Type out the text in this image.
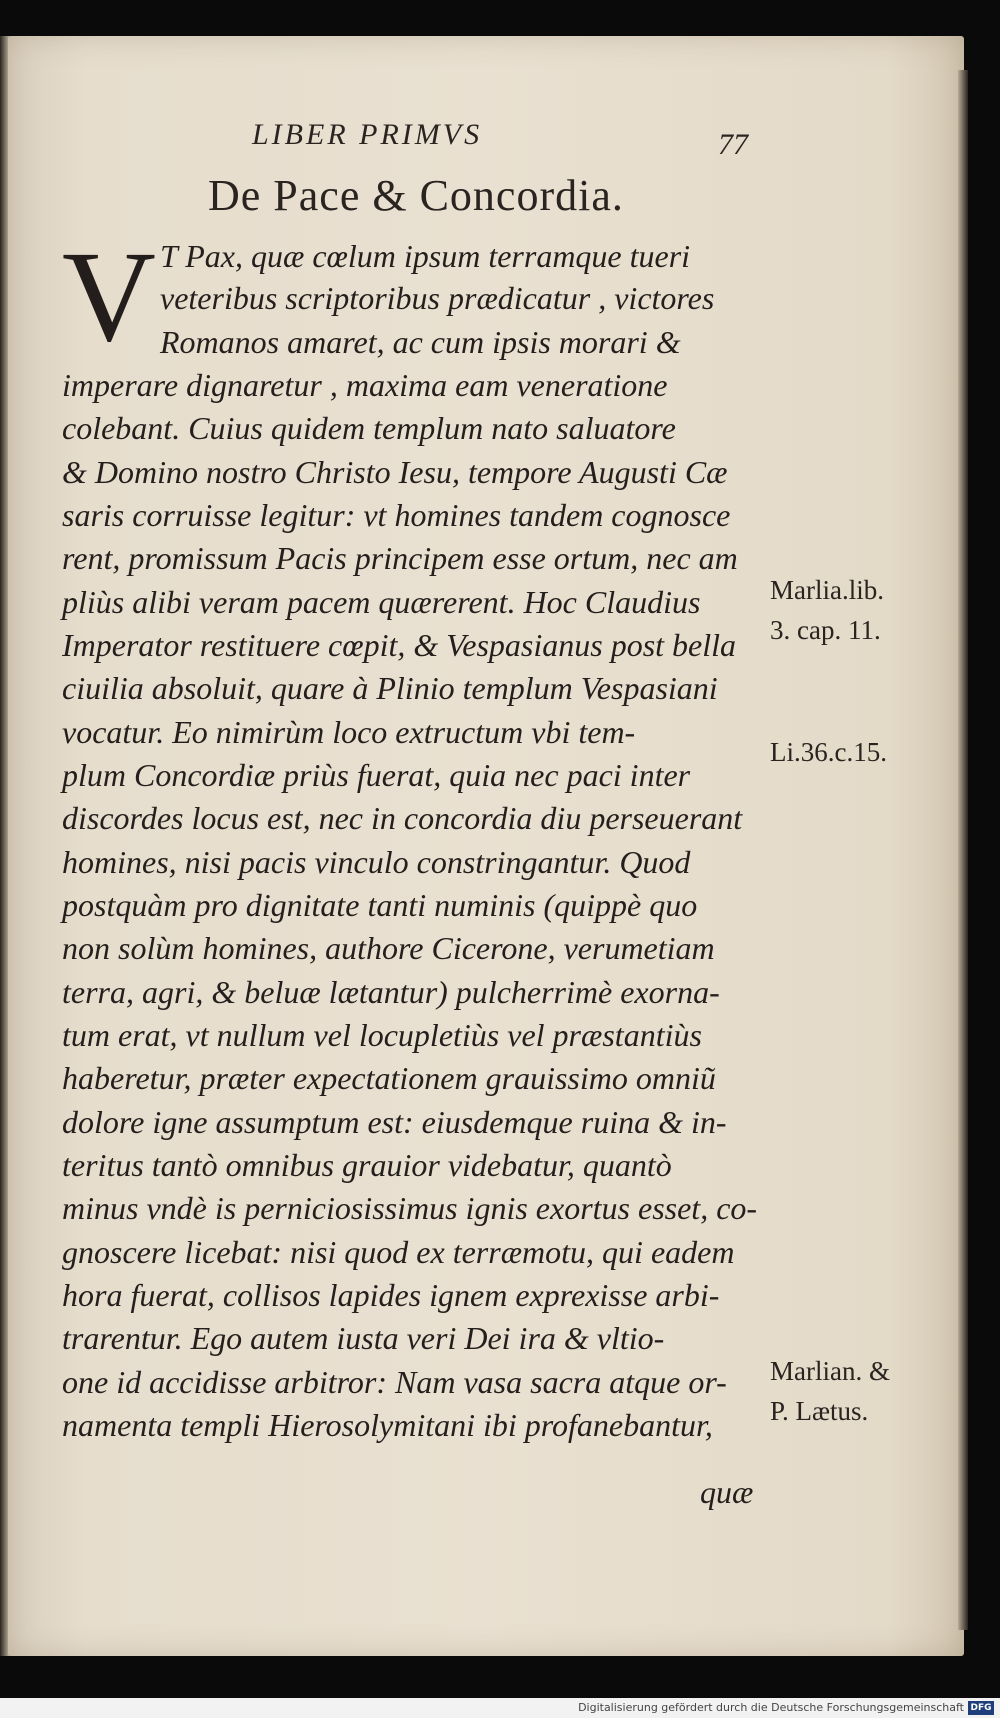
LIBER PRIMVS	77
De Pace & Concordia.
V T Pax, quæ cœlum ipsum terramque tueri
veteribus scriptoribus prædicatur , victores
Romanos amaret, ac cum ipsis morari &
imperare dignaretur , maxima eam veneratione
colebant. Cuius quidem templum nato saluatore
& Domino nostro Christo Iesu, tempore Augusti Cæ
saris corruisse legitur: vt homines tandem cognosce
rent, promissum Pacis principem esse ortum, nec am
pliùs alibi veram pacem quærerent. Hoc Claudius
Imperator restituere cœpit, & Vespasianus post bella
ciuilia absoluit, quare à Plinio templum Vespasiani
vocatur. Eo nimirùm loco extructum vbi tem-
plum Concordiæ priùs fuerat, quia nec paci inter
discordes locus est, nec in concordia diu perseuerant
homines, nisi pacis vinculo constringantur. Quod
postquàm pro dignitate tanti numinis (quippè quo
non solùm homines, authore Cicerone, verumetiam
terra, agri, & beluæ lætantur) pulcherrimè exorna-
tum erat, vt nullum vel locupletiùs vel præstantiùs
haberetur, præter expectationem grauissimo omniũ
dolore igne assumptum est: eiusdemque ruina & in-
teritus tantò omnibus grauior videbatur, quantò
minus vndè is perniciosissimus ignis exortus esset, co-
gnoscere licebat: nisi quod ex terræmotu, qui eadem
hora fuerat, collisos lapides ignem exprexisse arbi-
trarentur. Ego autem iusta veri Dei ira & vltio-
one id accidisse arbitror: Nam vasa sacra atque or-
namenta templi Hierosolymitani ibi profanebantur,
quæ
Marlia.lib.
3. cap. 11.
Li.36.c.15.
Marlian. &
P. Lætus.
Digitalisierung gefördert durch die Deutsche Forschungsgemeinschaft DFG
